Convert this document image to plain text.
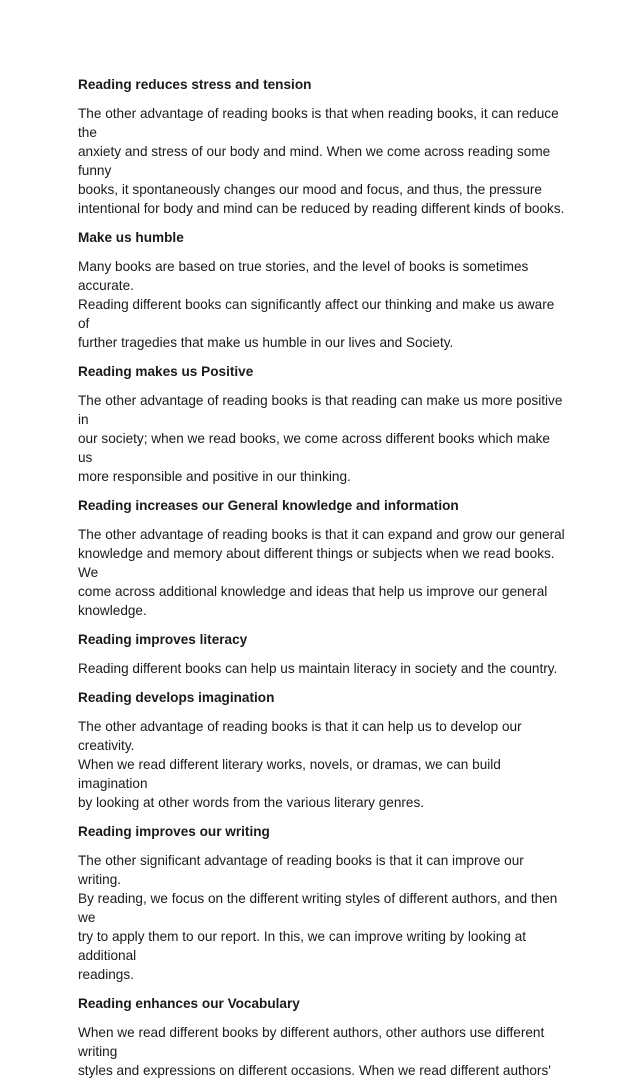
Reading reduces stress and tension
The other advantage of reading books is that when reading books, it can reduce the
anxiety and stress of our body and mind. When we come across reading some funny
books, it spontaneously changes our mood and focus, and thus, the pressure
intentional for body and mind can be reduced by reading different kinds of books.
Make us humble
Many books are based on true stories, and the level of books is sometimes accurate.
Reading different books can significantly affect our thinking and make us aware of
further tragedies that make us humble in our lives and Society.
Reading makes us Positive
The other advantage of reading books is that reading can make us more positive in
our society; when we read books, we come across different books which make us
more responsible and positive in our thinking.
Reading increases our General knowledge and information
The other advantage of reading books is that it can expand and grow our general
knowledge and memory about different things or subjects when we read books. We
come across additional knowledge and ideas that help us improve our general
knowledge.
Reading improves literacy
Reading different books can help us maintain literacy in society and the country.
Reading develops imagination
The other advantage of reading books is that it can help us to develop our creativity.
When we read different literary works, novels, or dramas, we can build imagination
by looking at other words from the various literary genres.
Reading improves our writing
The other significant advantage of reading books is that it can improve our writing.
By reading, we focus on the different writing styles of different authors, and then we
try to apply them to our report. In this, we can improve writing by looking at additional
readings.
Reading enhances our Vocabulary
When we read different books by different authors, other authors use different writing
styles and expressions on different occasions. When we read different authors'
